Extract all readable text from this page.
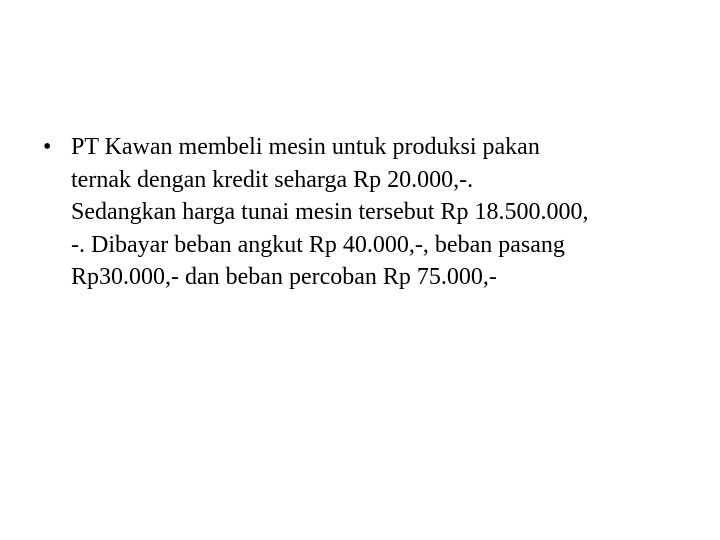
• PT Kawan membeli mesin untuk produksi pakan
ternak dengan kredit seharga Rp 20.000,-.
Sedangkan harga tunai mesin tersebut Rp 18.500.000,
-. Dibayar beban angkut Rp 40.000,-, beban pasang
Rp30.000,- dan beban percoban Rp 75.000,-
